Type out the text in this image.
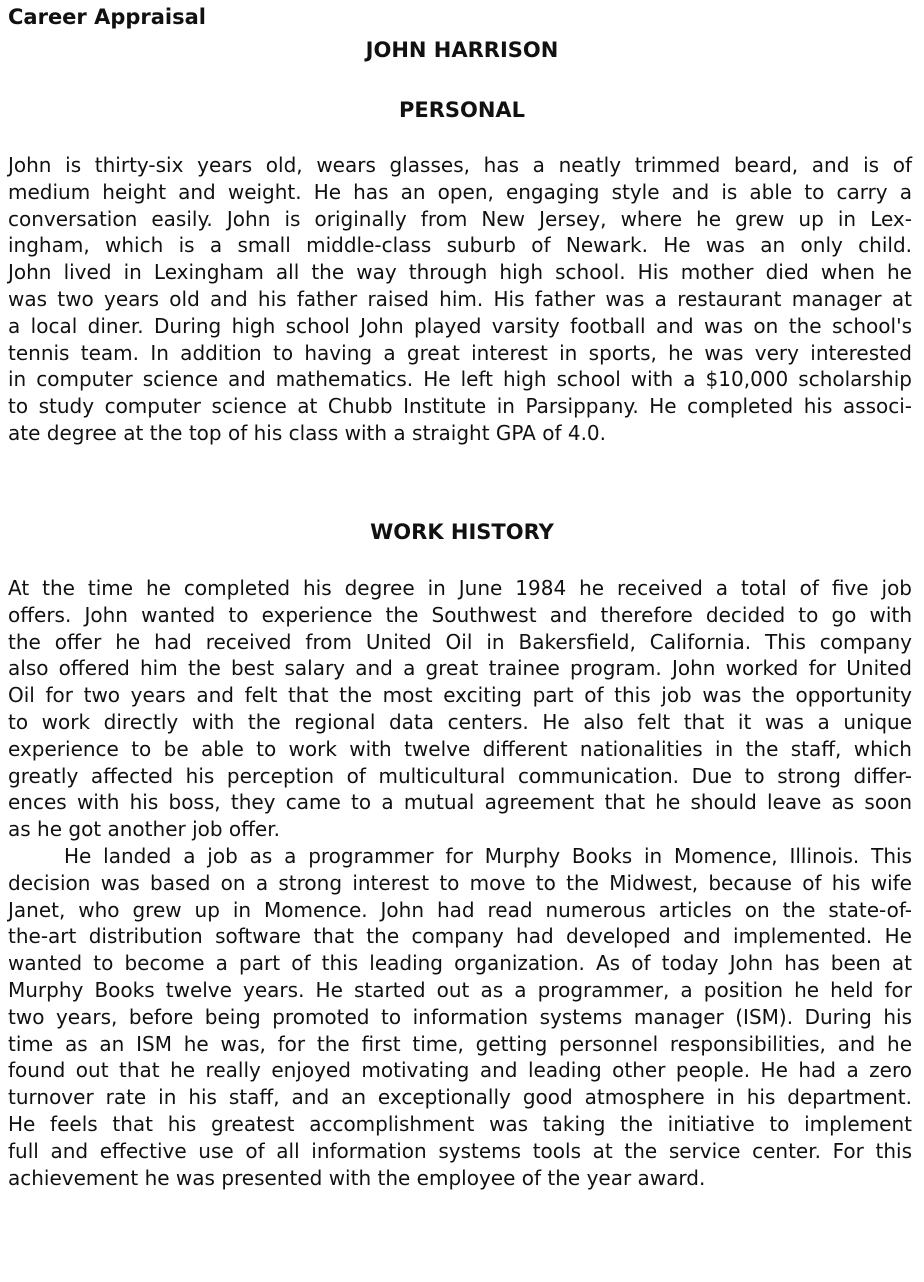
Career Appraisal
JOHN HARRISON
PERSONAL
John is thirty-six years old, wears glasses, has a neatly trimmed beard, and is of
medium height and weight. He has an open, engaging style and is able to carry a
conversation easily. John is originally from New Jersey, where he grew up in Lex-
ingham, which is a small middle-class suburb of Newark. He was an only child.
John lived in Lexingham all the way through high school. His mother died when he
was two years old and his father raised him. His father was a restaurant manager at
a local diner. During high school John played varsity football and was on the school's
tennis team. In addition to having a great interest in sports, he was very interested
in computer science and mathematics. He left high school with a $10,000 scholarship
to study computer science at Chubb Institute in Parsippany. He completed his associ-
ate degree at the top of his class with a straight GPA of 4.0.
WORK HISTORY
At the time he completed his degree in June 1984 he received a total of five job
offers. John wanted to experience the Southwest and therefore decided to go with
the offer he had received from United Oil in Bakersfield, California. This company
also offered him the best salary and a great trainee program. John worked for United
Oil for two years and felt that the most exciting part of this job was the opportunity
to work directly with the regional data centers. He also felt that it was a unique
experience to be able to work with twelve different nationalities in the staff, which
greatly affected his perception of multicultural communication. Due to strong differ-
ences with his boss, they came to a mutual agreement that he should leave as soon
as he got another job offer.
He landed a job as a programmer for Murphy Books in Momence, Illinois. This
decision was based on a strong interest to move to the Midwest, because of his wife
Janet, who grew up in Momence. John had read numerous articles on the state-of-
the-art distribution software that the company had developed and implemented. He
wanted to become a part of this leading organization. As of today John has been at
Murphy Books twelve years. He started out as a programmer, a position he held for
two years, before being promoted to information systems manager (ISM). During his
time as an ISM he was, for the first time, getting personnel responsibilities, and he
found out that he really enjoyed motivating and leading other people. He had a zero
turnover rate in his staff, and an exceptionally good atmosphere in his department.
He feels that his greatest accomplishment was taking the initiative to implement
full and effective use of all information systems tools at the service center. For this
achievement he was presented with the employee of the year award.
